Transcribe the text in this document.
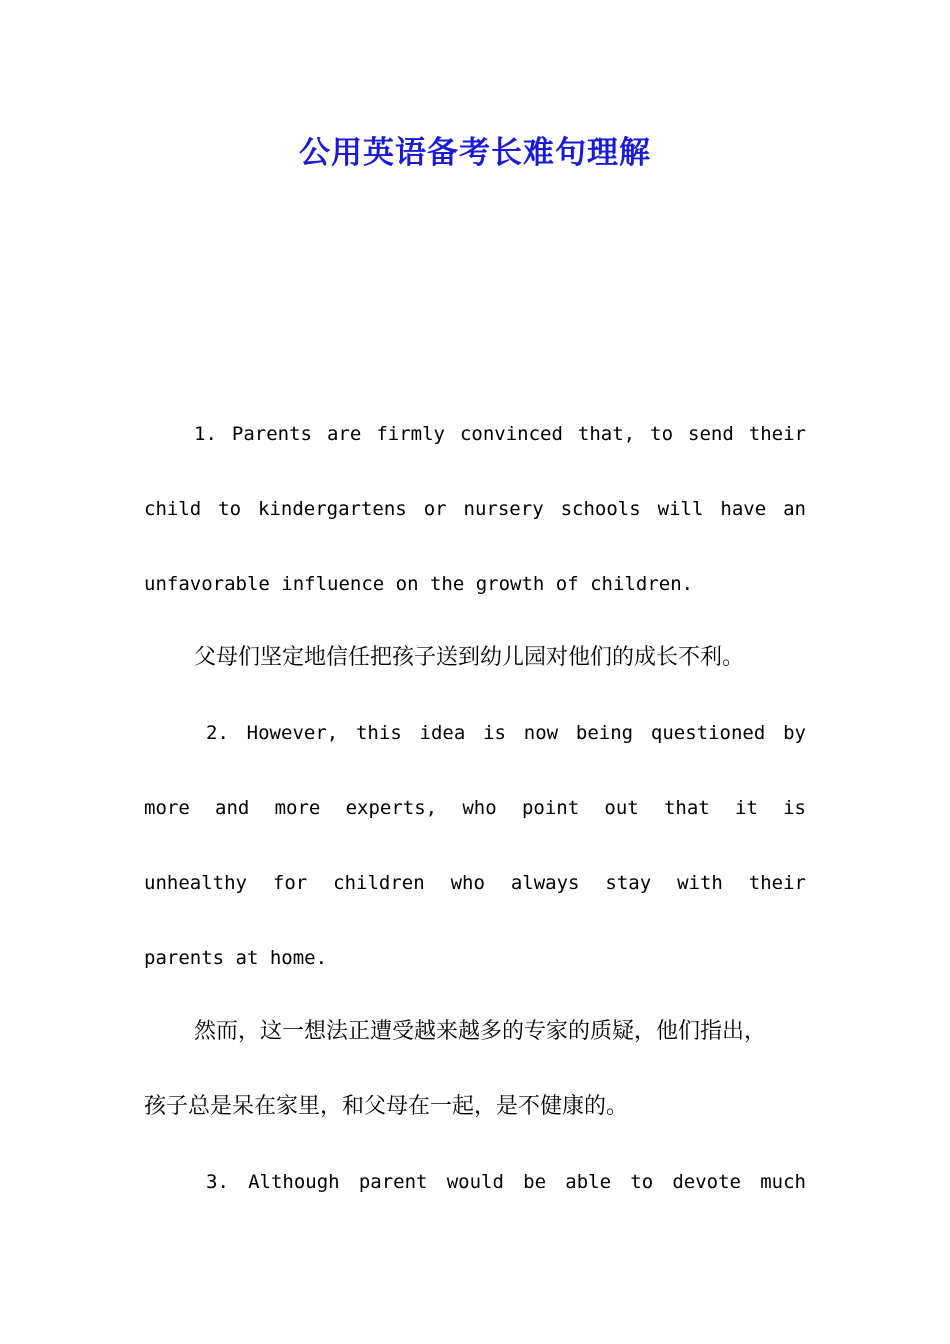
公用英语备考长难句理解
1. Parents are firmly convinced that, to send their
child to kindergartens or nursery schools will have an
unfavorable influence on the growth of children.
父母们坚定地信任把孩子送到幼儿园对他们的成长不利。
2. However, this idea is now being questioned by
more and more experts, who point out that it is
unhealthy for children who always stay with their
parents at home.
然而，这一想法正遭受越来越多的专家的质疑，他们指出，
孩子总是呆在家里，和父母在一起，是不健康的。
3. Although parent would be able to devote much
